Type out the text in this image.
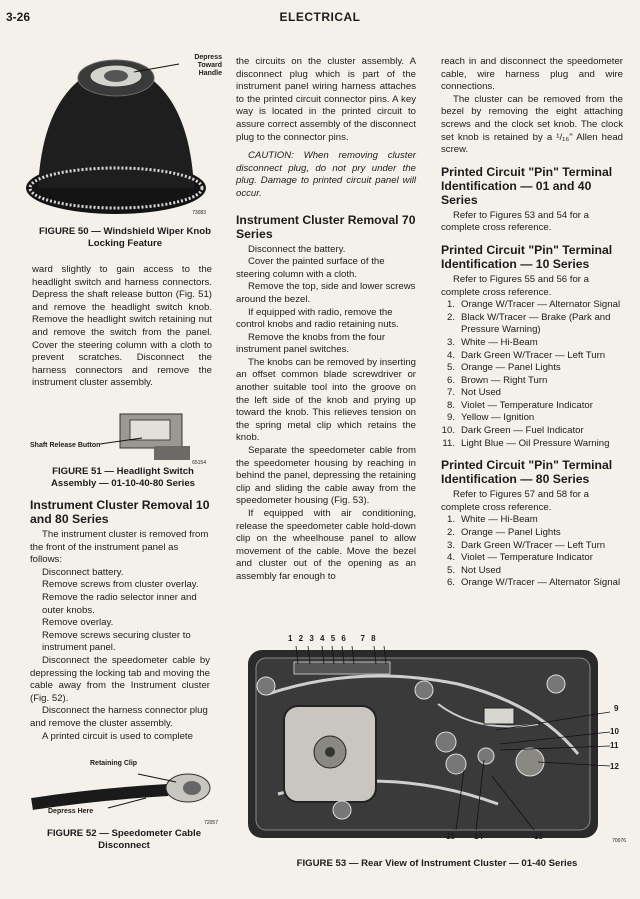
3-26	ELECTRICAL
Depress Toward Handle
73083
FIGURE 50 — Windshield Wiper Knob Locking Feature

ward slightly to gain access to the headlight switch and harness connectors. Depress the shaft release button (Fig. 51) and remove the headlight switch knob. Remove the headlight switch retaining nut and remove the switch from the panel. Cover the steering column with a cloth to prevent scratches. Disconnect the harness connectors and remove the instrument cluster assembly.

Shaft Release Button
65154
FIGURE 51 — Headlight Switch Assembly — 01-10-40-80 Series
Instrument Cluster Removal 10 and 80 Series

The instrument cluster is removed from the front of the instrument panel as follows:

Disconnect battery.

Remove screws from cluster overlay.

Remove the radio selector inner and outer knobs.

Remove overlay.

Remove screws securing cluster to instrument panel.

Disconnect the speedometer cable by depressing the locking tab and moving the cable away from the Instrument cluster (Fig. 52).

Disconnect the harness connector plug and remove the cluster assembly.

A printed circuit is used to complete

Retaining Clip
Depress Here
72057
FIGURE 52 — Speedometer Cable Disconnect

the circuits on the cluster assembly. A disconnect plug which is part of the instrument panel wiring harness attaches to the printed circuit connector pins. A key way is located in the printed circuit to assure correct assembly of the disconnect plug to the connector pins.

CAUTION: When removing cluster disconnect plug, do not pry under the plug. Damage to printed circuit panel will occur.

Instrument Cluster Removal 70 Series

Disconnect the battery.

Cover the painted surface of the steering column with a cloth.

Remove the top, side and lower screws around the bezel.

If equipped with radio, remove the control knobs and radio retaining nuts.

Remove the knobs from the four instrument panel switches.

The knobs can be removed by inserting an offset common blade screwdriver or another suitable tool into the groove on the left side of the knob and prying up toward the knob. This relieves tension on the spring metal clip which retains the knob.

Separate the speedometer cable from the speedometer housing by reaching in behind the panel, depressing the retaining clip and sliding the cable away from the speedometer housing (Fig. 53).

If equipped with air conditioning, release the speedometer cable hold-down clip on the wheelhouse panel to allow movement of the cable. Move the bezel and cluster out of the opening as an assembly far enough to

reach in and disconnect the speedometer cable, wire harness plug and wire connections.

The cluster can be removed from the bezel by removing the eight attaching screws and the clock set knob. The clock set knob is retained by a ¹/₁₆" Allen head screw.

Printed Circuit "Pin" Terminal Identification — 01 and 40 Series

Refer to Figures 53 and 54 for a complete cross reference.

Printed Circuit "Pin" Terminal Identification — 10 Series

Refer to Figures 55 and 56 for a complete cross reference.

1. Orange W/Tracer — Alternator Signal
2. Black W/Tracer — Brake (Park and Pressure Warning)
3. White — Hi-Beam
4. Dark Green W/Tracer — Left Turn
5. Orange — Panel Lights
6. Brown — Right Turn
7. Not Used
8. Violet — Temperature Indicator
9. Yellow — Ignition
10. Dark Green — Fuel Indicator
11. Light Blue — Oil Pressure Warning
Printed Circuit "Pin" Terminal Identification — 80 Series

Refer to Figures 57 and 58 for a complete cross reference.

1. White — Hi-Beam
2. Orange — Panel Lights
3. Dark Green W/Tracer — Left Turn
4. Violet — Temperature Indicator
5. Not Used
6. Orange W/Tracer — Alternator Signal
1 2 3 4 5 6   7 8
9
10
11
12
13
14
15	70076
FIGURE 53 — Rear View of Instrument Cluster — 01-40 Series
